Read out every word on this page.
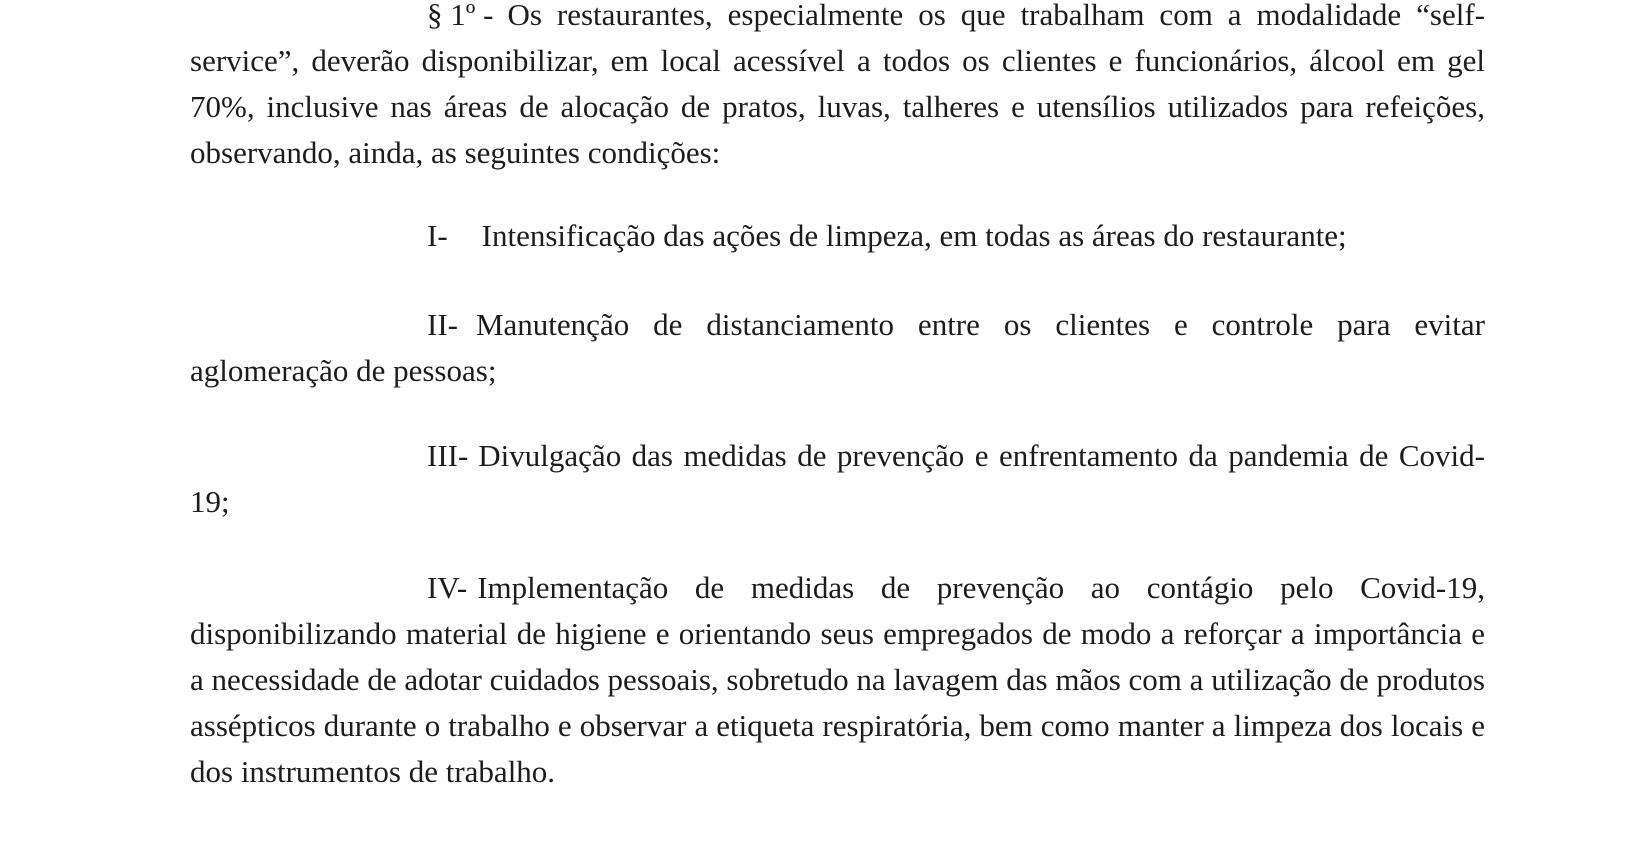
§ 1º - Os restaurantes, especialmente os que trabalham com a modalidade “self-service”, deverão disponibilizar, em local acessível a todos os clientes e funcionários, álcool em gel 70%, inclusive nas áreas de alocação de pratos, luvas, talheres e utensílios utilizados para refeições, observando, ainda, as seguintes condições:

I- Intensificação das ações de limpeza, em todas as áreas do restaurante;

II- Manutenção de distanciamento entre os clientes e controle para evitar aglomeração de pessoas;

III- Divulgação das medidas de prevenção e enfrentamento da pandemia de Covid-19;

IV- Implementação de medidas de prevenção ao contágio pelo Covid-19, disponibilizando material de higiene e orientando seus empregados de modo a reforçar a importância e a necessidade de adotar cuidados pessoais, sobretudo na lavagem das mãos com a utilização de produtos assépticos durante o trabalho e observar a etiqueta respiratória, bem como manter a limpeza dos locais e dos instrumentos de trabalho.
